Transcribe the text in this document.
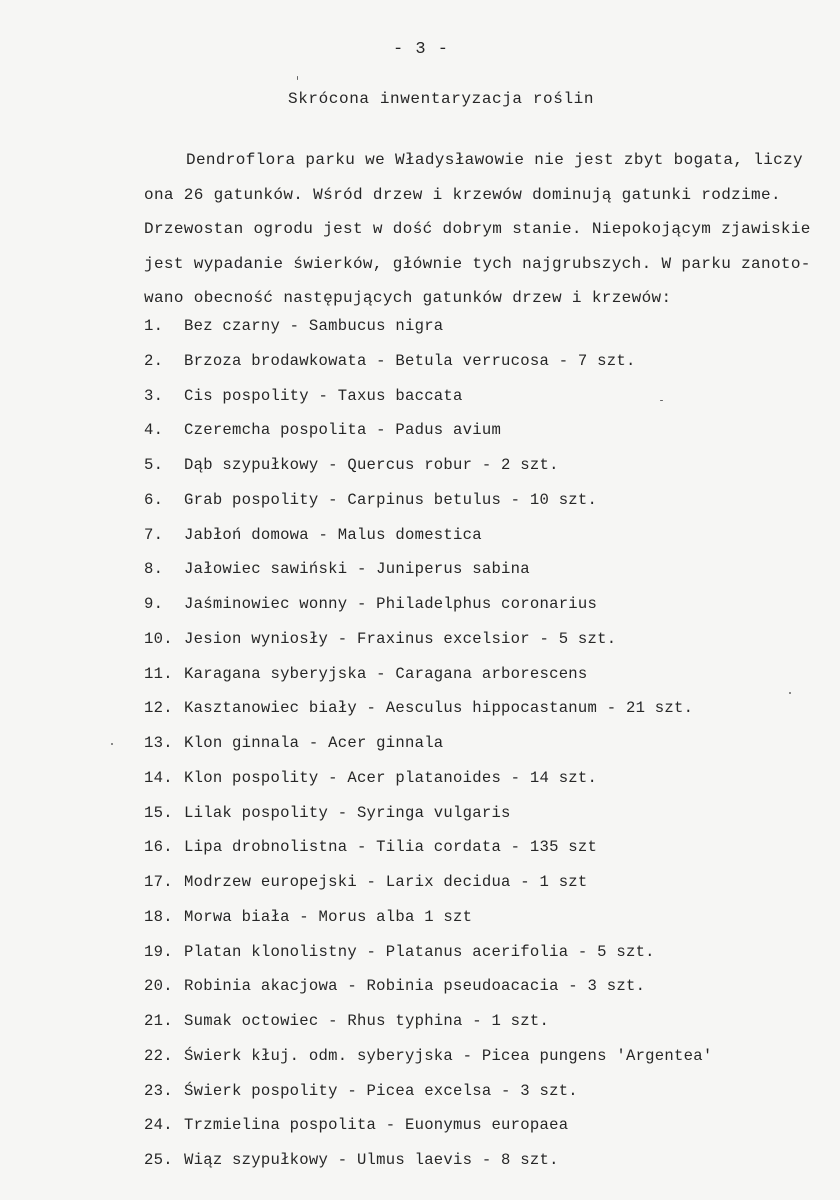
- 3 -
Skrócona inwentaryzacja roślin
Dendroflora parku we Władysławowie nie jest zbyt bogata, liczy
ona 26 gatunków. Wśród drzew i krzewów dominują gatunki rodzime.
Drzewostan ogrodu jest w dość dobrym stanie. Niepokojącym zjawiskie
jest wypadanie świerków, głównie tych najgrubszych. W parku zanoto-
wano obecność następujących gatunków drzew i krzewów:
1. Bez czarny - Sambucus nigra
2. Brzoza brodawkowata - Betula verrucosa - 7 szt.
3. Cis pospolity - Taxus baccata
4. Czeremcha pospolita - Padus avium
5. Dąb szypułkowy - Quercus robur - 2 szt.
6. Grab pospolity - Carpinus betulus - 10 szt.
7. Jabłoń domowa - Malus domestica
8. Jałowiec sawiński - Juniperus sabina
9. Jaśminowiec wonny - Philadelphus coronarius
10. Jesion wyniosły - Fraxinus excelsior - 5 szt.
11. Karagana syberyjska - Caragana arborescens
12. Kasztanowiec biały - Aesculus hippocastanum - 21 szt.
13. Klon ginnala - Acer ginnala
14. Klon pospolity - Acer platanoides - 14 szt.
15. Lilak pospolity - Syringa vulgaris
16. Lipa drobnolistna - Tilia cordata - 135 szt
17. Modrzew europejski - Larix decidua - 1 szt
18. Morwa biała - Morus alba 1 szt
19. Platan klonolistny - Platanus acerifolia - 5 szt.
20. Robinia akacjowa - Robinia pseudoacacia - 3 szt.
21. Sumak octowiec - Rhus typhina - 1 szt.
22. Świerk kłuj. odm. syberyjska - Picea pungens 'Argentea'
23. Świerk pospolity - Picea excelsa - 3 szt.
24. Trzmielina pospolita - Euonymus europaea
25. Wiąz szypułkowy - Ulmus laevis - 8 szt.
